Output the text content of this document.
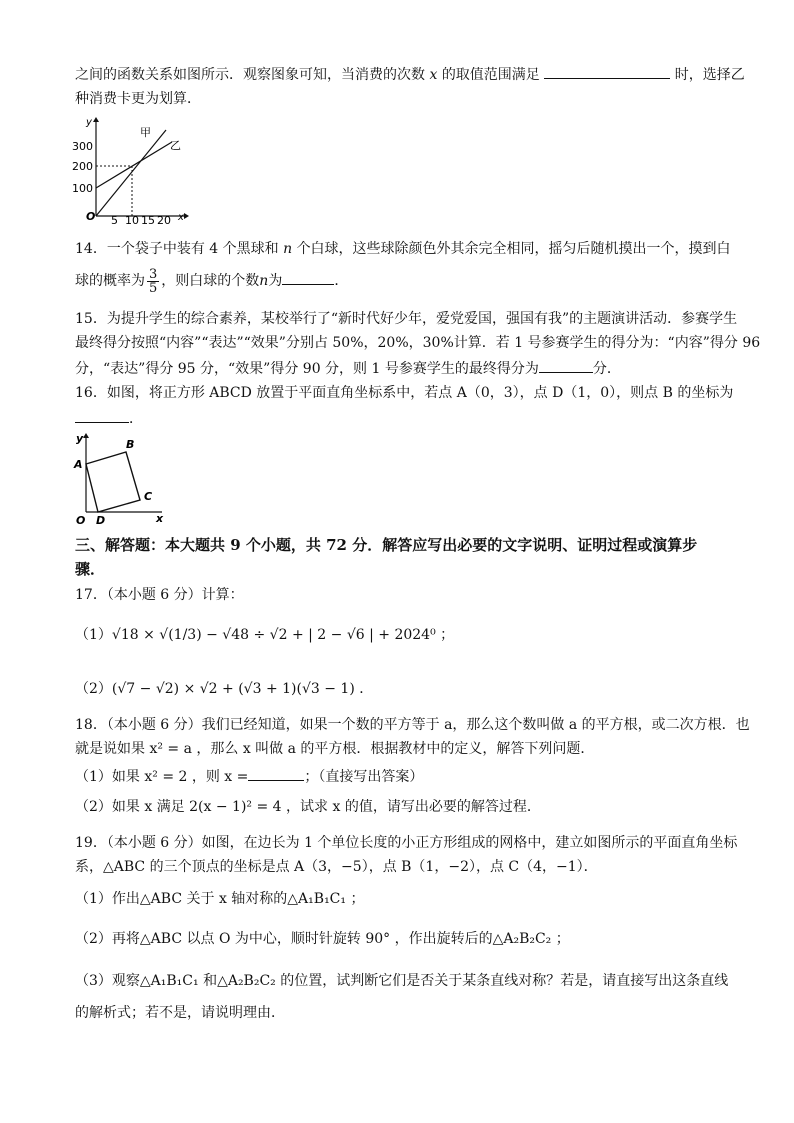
之间的函数关系如图所示．观察图象可知，当消费的次数 x 的取值范围满足	时，选择乙
种消费卡更为划算．
y
x
O
300
200
100
5 10 15 20
甲
乙
14．一个袋子中装有 4 个黑球和 n 个白球，这些球除颜色外其余完全相同，摇匀后随机摸出一个，摸到白
球的概率为 $\frac{3}{5}$ ，则白球的个数n为	．
15．为提升学生的综合素养，某校举行了“新时代好少年，爱党爱国，强国有我”的主题演讲活动．参赛学生
最终得分按照“内容”“表达”“效果”分别占 50%，20%，30%计算．若 1 号参赛学生的得分为：“内容”得分 96
分，“表达”得分 95 分，“效果”得分 90 分，则 1 号参赛学生的最终得分为	分．
16．如图，将正方形 ABCD 放置于平面直角坐标系中，若点 A（0，3），点 D（1，0），则点 B 的坐标为
．
y
x
O
A
B
C
D
三、解答题：本大题共 9 个小题，共 72 分．解答应写出必要的文字说明、证明过程或演算步
骤．
17．（本小题 6 分）计算：
（1）√18 × √(1/3) − √48 ÷ √2 + | 2 − √6 | + 2024⁰ ；
（2）(√7 − √2) × √2 + (√3 + 1)(√3 − 1) ．
18．（本小题 6 分）我们已经知道，如果一个数的平方等于 a，那么这个数叫做 a 的平方根，或二次方根．也
就是说如果 x² = a ，那么 x 叫做 a 的平方根．根据教材中的定义，解答下列问题．
（1）如果 x² = 2 ，则 x =	；（直接写出答案）
（2）如果 x 满足 2(x − 1)² = 4 ，试求 x 的值，请写出必要的解答过程．
19．（本小题 6 分）如图，在边长为 1 个单位长度的小正方形组成的网格中，建立如图所示的平面直角坐标
系，△ABC 的三个顶点的坐标是点 A（3，−5），点 B（1，−2），点 C（4，−1）．
（1）作出△ABC 关于 x 轴对称的△A₁B₁C₁ ；
（2）再将△ABC 以点 O 为中心，顺时针旋转 90° ，作出旋转后的△A₂B₂C₂ ；
（3）观察△A₁B₁C₁ 和△A₂B₂C₂ 的位置，试判断它们是否关于某条直线对称？若是，请直接写出这条直线
的解析式；若不是，请说明理由．
